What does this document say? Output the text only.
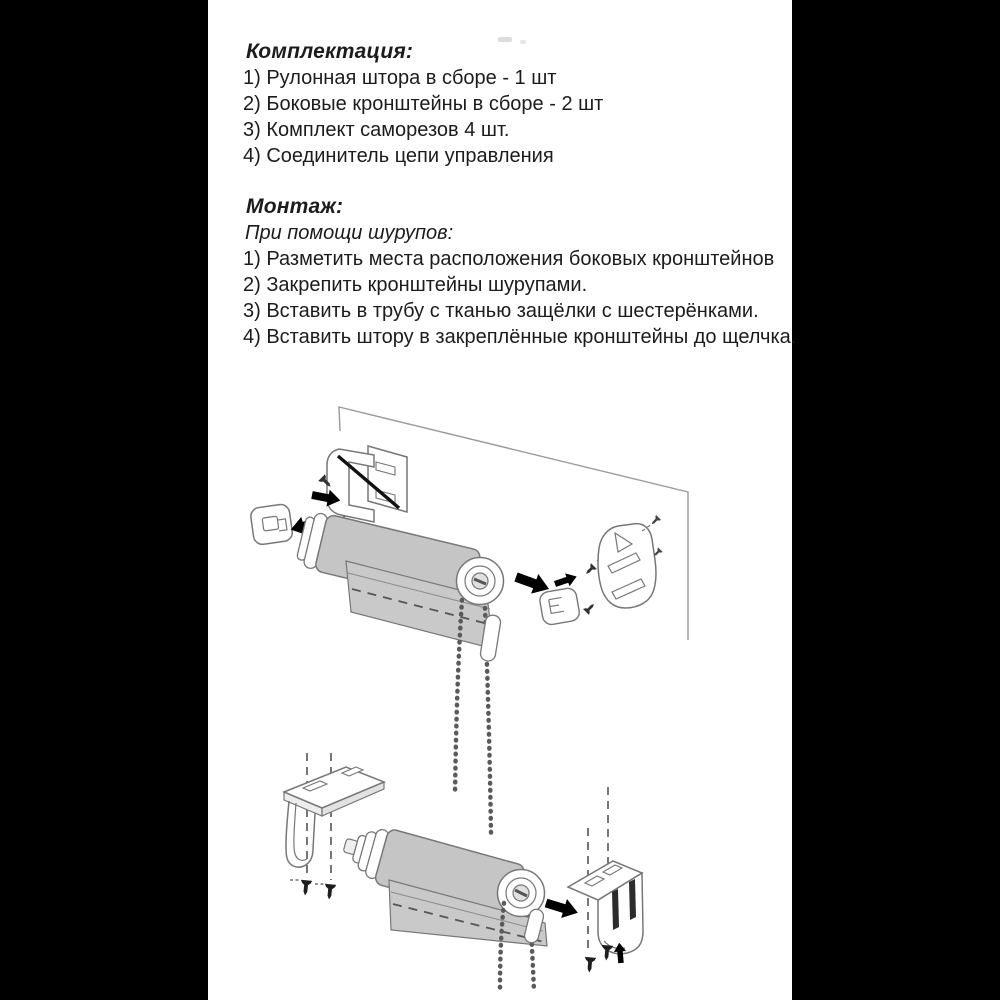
Комплектация:
1) Рулонная штора в сборе - 1 шт
2) Боковые кронштейны в сборе - 2 шт
3) Комплект саморезов 4 шт.
4) Соединитель цепи управления
Монтаж:
При помощи шурупов:
1) Разметить места расположения боковых кронштейнов
2) Закрепить кронштейны шурупами.
3) Вставить в трубу с тканью защёлки с шестерёнками.
4) Вставить штору в закреплённые кронштейны до щелчка.
